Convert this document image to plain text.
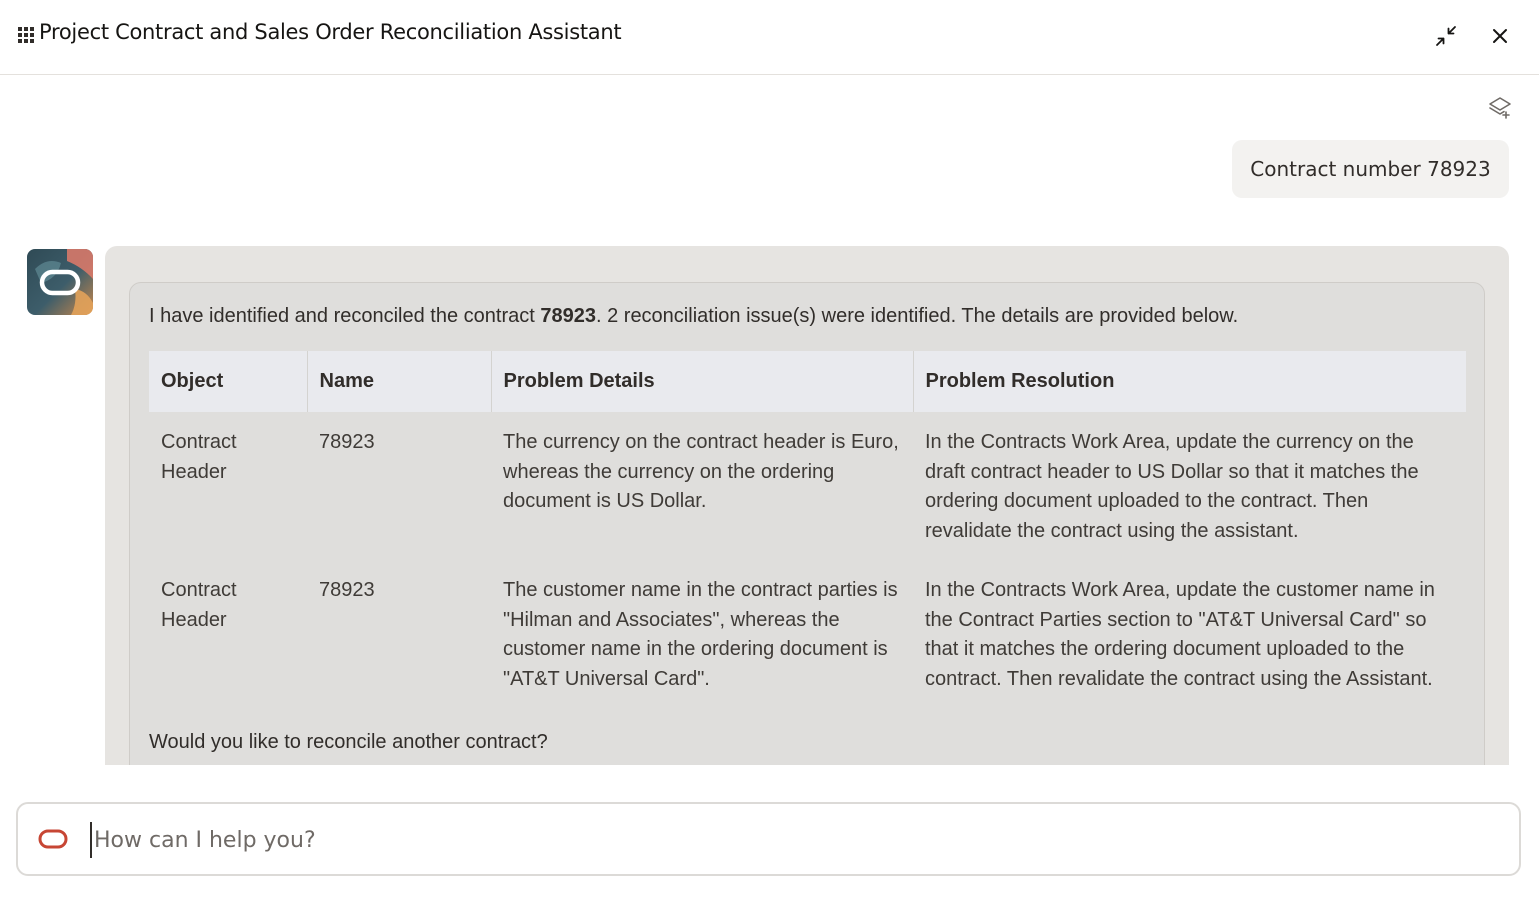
Project Contract and Sales Order Reconciliation Assistant
Contract number 78923
I have identified and reconciled the contract 78923. 2 reconciliation issue(s) were identified. The details are provided below.
Object	Name	Problem Details	Problem Resolution
Contract Header	78923	The currency on the contract header is Euro, whereas the currency on the ordering document is US Dollar.	In the Contracts Work Area, update the currency on the draft contract header to US Dollar so that it matches the ordering document uploaded to the contract. Then revalidate the contract using the assistant.
Contract Header	78923	The customer name in the contract parties is "Hilman and Associates", whereas the customer name in the ordering document is "AT&T Universal Card".	In the Contracts Work Area, update the customer name in the Contract Parties section to "AT&T Universal Card" so that it matches the ordering document uploaded to the contract. Then revalidate the contract using the Assistant.
Would you like to reconcile another contract?
How can I help you?
